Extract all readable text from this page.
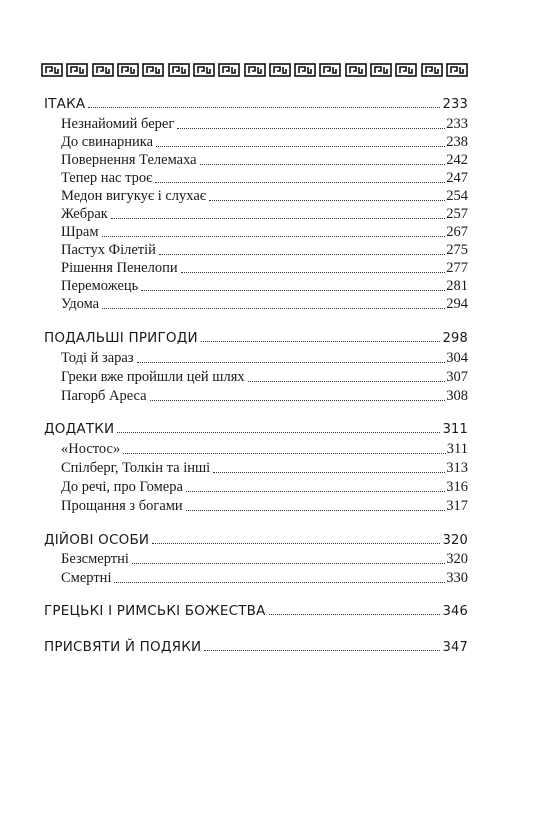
ІТАКА	233
Незнайомий берег	233
До свинарника	238
Повернення Телемаха	242
Тепер нас троє	247
Медон вигукує і слухає	254
Жебрак	257
Шрам	267
Пастух Філетій	275
Рішення Пенелопи	277
Переможець	281
Удома	294
ПОДАЛЬШІ ПРИГОДИ	298
Тоді й зараз	304
Греки вже пройшли цей шлях	307
Пагорб Ареса	308
ДОДАТКИ	311
«Ностос»	311
Спілберг, Толкін та інші	313
До речі, про Гомера	316
Прощання з богами	317
ДІЙОВІ ОСОБИ	320
Безсмертні	320
Смертні	330
ГРЕЦЬКІ І РИМСЬКІ БОЖЕСТВА	346
ПРИСВЯТИ Й ПОДЯКИ	347
